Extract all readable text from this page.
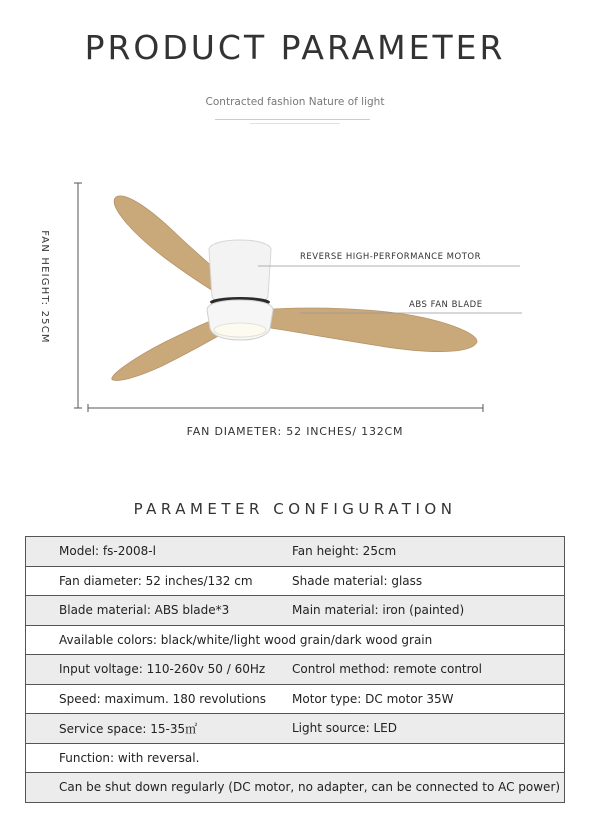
PRODUCT PARAMETER
Contracted fashion Nature of light
REVERSE HIGH-PERFORMANCE MOTOR
ABS FAN BLADE
FAN HEIGHT: 25CM
FAN DIAMETER: 52 INCHES/ 132CM
PARAMETER CONFIGURATION
Model: fs-2008-l	Fan height: 25cm

Fan diameter: 52 inches/132 cm	Shade material: glass

Blade material: ABS blade*3	Main material: iron (painted)

Available colors: black/white/light wood grain/dark wood grain

Input voltage: 110-260v 50 / 60Hz	Control method: remote control

Speed: maximum. 180 revolutions	Motor type: DC motor 35W

Service space: 15-35㎡	Light source: LED

Function: with reversal.

Can be shut down regularly (DC motor, no adapter, can be connected to AC power)
